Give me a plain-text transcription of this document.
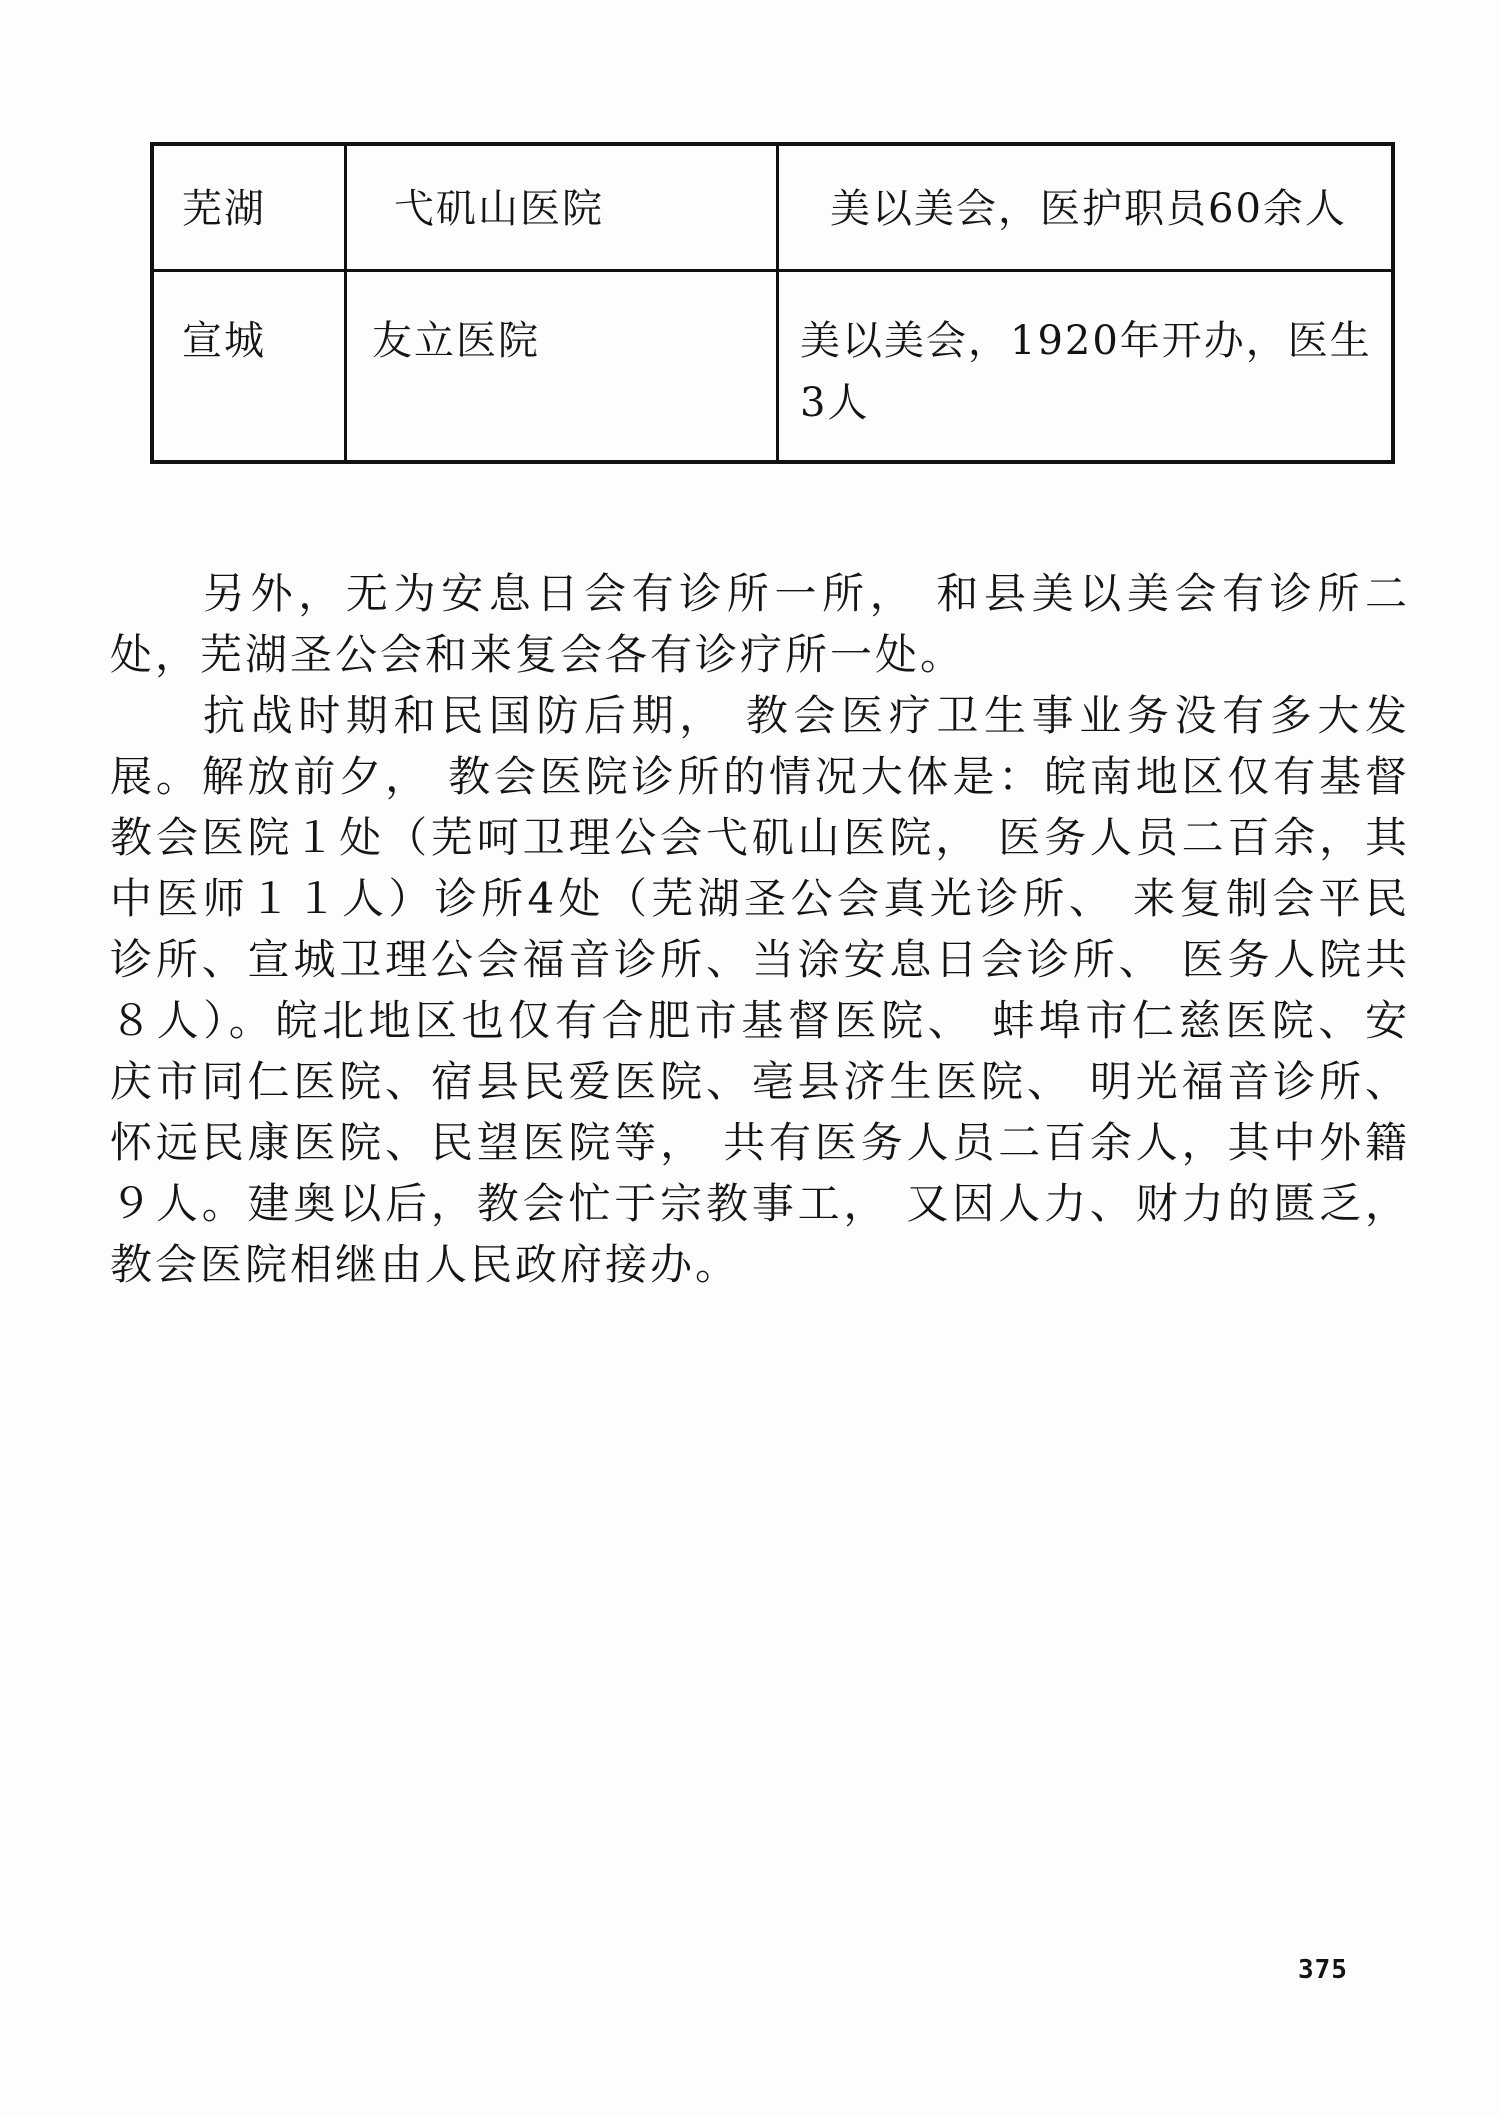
芜湖	弋矶山医院	美以美会，医护职员60余人
宣城	友立医院	美以美会，1920年开办，医生3人

另外，无为安息日会有诊所一所， 和县美以美会有诊所二处，芜湖圣公会和来复会各有诊疗所一处。

抗战时期和民国防后期， 教会医疗卫生事业务没有多大发展。解放前夕， 教会医院诊所的情况大体是：皖南地区仅有基督教会医院１处（芜呵卫理公会弋矶山医院， 医务人员二百余，其中医师１１人）诊所4处（芜湖圣公会真光诊所、 来复制会平民诊所、宣城卫理公会福音诊所、当涂安息日会诊所、 医务人院共８人）。皖北地区也仅有合肥市基督医院、 蚌埠市仁慈医院、安庆市同仁医院、宿县民爱医院、亳县济生医院、 明光福音诊所、怀远民康医院、民望医院等， 共有医务人员二百余人，其中外籍９人。建奥以后，教会忙于宗教事工， 又因人力、财力的匮乏，教会医院相继由人民政府接办。

375
